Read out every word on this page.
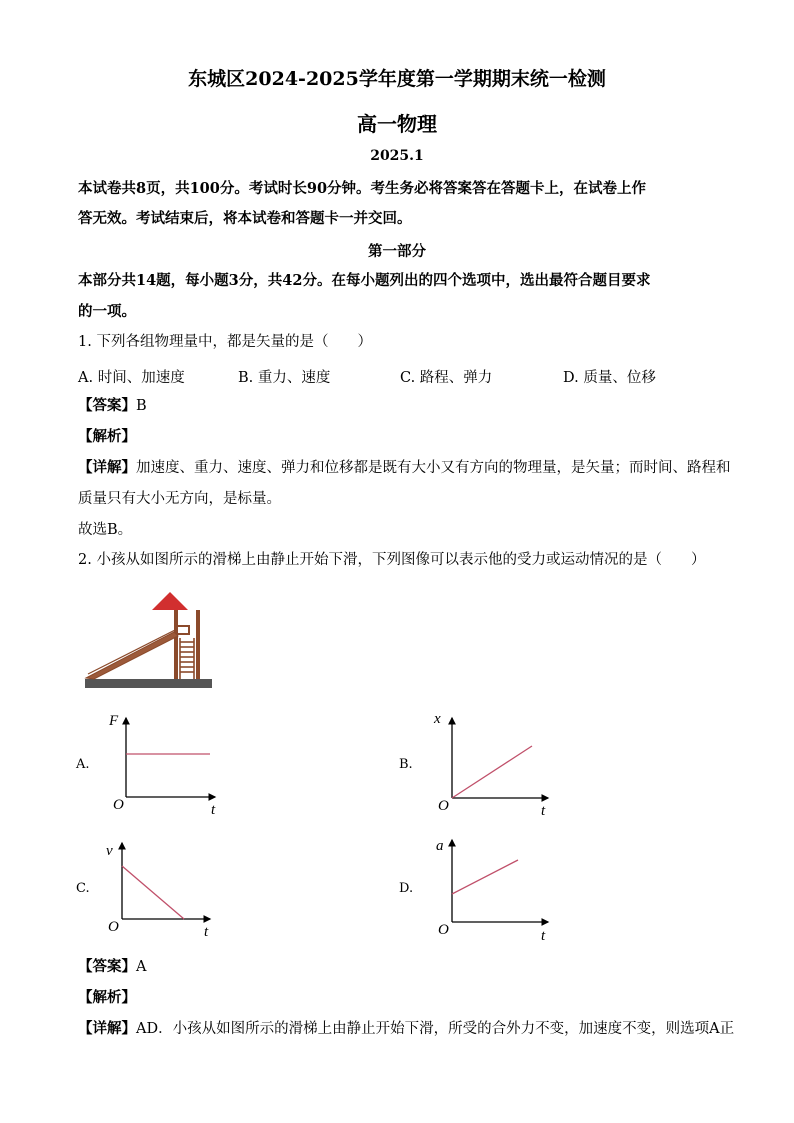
东城区2024-2025学年度第一学期期末统一检测
高一物理
2025.1
本试卷共8页，共100分。考试时长90分钟。考生务必将答案答在答题卡上，在试卷上作
答无效。考试结束后，将本试卷和答题卡一并交回。
第一部分
本部分共14题，每小题3分，共42分。在每小题列出的四个选项中，选出最符合题目要求
的一项。
1. 下列各组物理量中，都是矢量的是（　　）
A. 时间、加速度	B. 重力、速度	C. 路程、弹力	D. 质量、位移
【答案】B
【解析】
【详解】加速度、重力、速度、弹力和位移都是既有大小又有方向的物理量，是矢量；而时间、路程和
质量只有大小无方向，是标量。
故选B。
2. 小孩从如图所示的滑梯上由静止开始下滑，下列图像可以表示他的受力或运动情况的是（　　）
A.	B.
C.	D.
F
O	t
x
O	t
v
O	t
a
O	t
【答案】A
【解析】
【详解】AD．小孩从如图所示的滑梯上由静止开始下滑，所受的合外力不变，加速度不变，则选项A正
